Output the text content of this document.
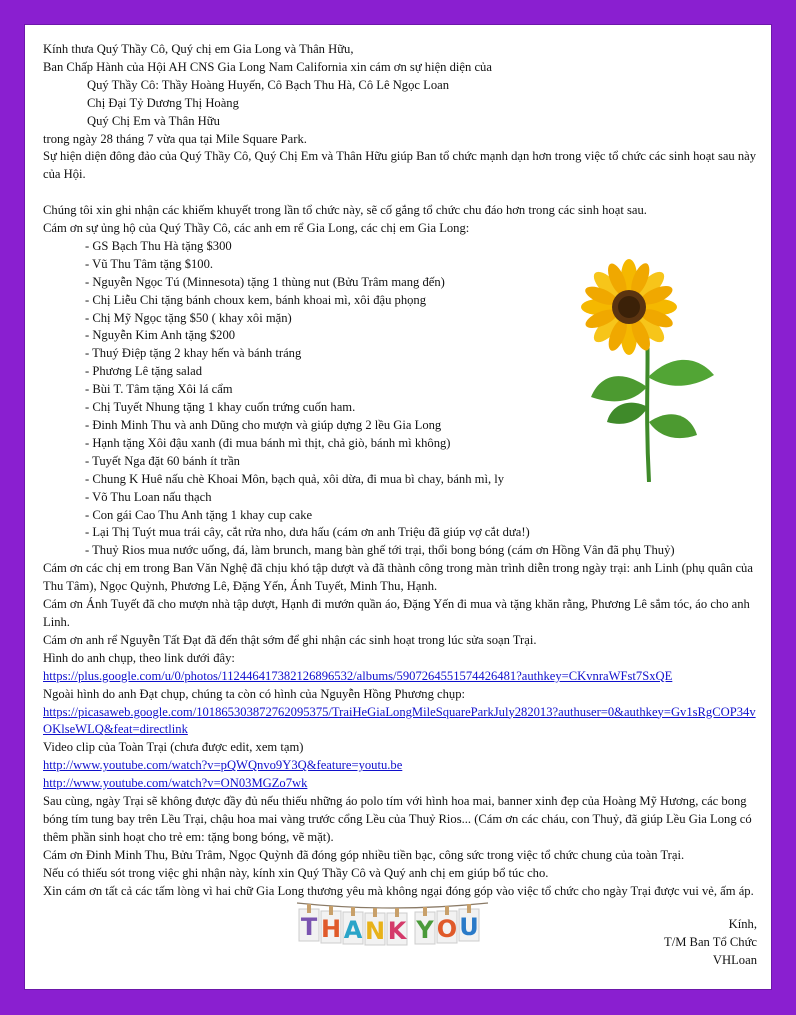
Kính thưa Quý Thầy Cô, Quý chị em Gia Long và Thân Hữu,

Ban Chấp Hành của Hội AH CNS Gia Long Nam California xin cám ơn sự hiện diện của

Quý Thầy Cô: Thầy Hoàng Huyến, Cô Bạch Thu Hà, Cô Lê Ngọc Loan

Chị Đại Tỷ Dương Thị Hoàng

Quý Chị Em và Thân Hữu

trong ngày 28 tháng 7 vừa qua tại Mile Square Park.

Sự hiện diện đông đảo của Quý Thầy Cô, Quý Chị Em và Thân Hữu giúp Ban tổ chức mạnh dạn hơn trong việc tổ chức các sinh hoạt sau này của Hội.

Chúng tôi xin ghi nhận các khiếm khuyết trong lần tổ chức này, sẽ cố gắng tổ chức chu đáo hơn trong các sinh hoạt sau.

Cám ơn sự ủng hộ của Quý Thầy Cô, các anh em rể Gia Long, các chị em Gia Long:

- GS Bạch Thu Hà tặng $300

- Vũ Thu Tâm tặng $100.

- Nguyễn Ngọc Tú (Minnesota) tặng 1 thùng nut (Bửu Trâm mang đến)

- Chị Liễu Chi tặng bánh choux kem, bánh khoai mì, xôi đậu phọng

- Chị Mỹ Ngọc tặng $50 ( khay xôi mặn)

- Nguyễn Kim Anh tặng $200

- Thuý Điệp tặng 2 khay hến và bánh tráng

- Phương Lê tặng salad

- Bùi T. Tâm tặng Xôi lá cẩm

- Chị Tuyết Nhung tặng 1 khay cuốn trứng cuốn ham.

- Đinh Minh Thu và anh Dũng cho mượn và giúp dựng 2 lều Gia Long

- Hạnh tặng Xôi đậu xanh (đi mua bánh mì thịt, chả giò, bánh mì không)

- Tuyết Nga đặt 60 bánh ít trần

- Chung K Huê nấu chè Khoai Môn, bạch quả, xôi dừa, đi mua bì chay, bánh mì, ly

- Võ Thu Loan nấu thạch

- Con gái Cao Thu Anh tặng 1 khay cup cake

- Lại Thị Tuýt mua trái cây, cắt rửa nho, dưa hấu (cám ơn anh Triệu đã giúp vợ cắt dưa!)

- Thuỷ Rios mua nước uống, đá, làm brunch, mang bàn ghế tới trại, thổi bong bóng (cám ơn Hồng Vân đã phụ Thuỷ)

Cám ơn các chị em trong Ban Văn Nghệ đã chịu khó tập dượt và đã thành công trong màn trình diễn trong ngày trại: anh Linh (phụ quân của Thu Tâm), Ngọc Quỳnh, Phương Lê, Đặng Yến, Ánh Tuyết, Minh Thu, Hạnh.

Cám ơn Ánh Tuyết đã cho mượn nhà tập dượt, Hạnh đi mướn quần áo, Đặng Yến đi mua và tặng khăn rằng, Phương Lê sắm tóc, áo cho anh Linh.

Cám ơn anh rể Nguyễn Tất Đạt đã đến thật sớm để ghi nhận các sinh hoạt trong lúc sửa soạn Trại.

Hình do anh chụp, theo link dưới đây:

https://plus.google.com/u/0/photos/112446417382126896532/albums/5907264551574426481?authkey=CKvnraWFst7SxQE

Ngoài hình do anh Đạt chụp, chúng ta còn có hình của Nguyễn Hồng Phương chụp:

https://picasaweb.google.com/101865303872762095375/TraiHeGiaLongMileSquareParkJuly282013?authuser=0&authkey=Gv1sRgCOP34vOKlseWLQ&feat=directlink

Video clip của Toàn Trại (chưa được edit, xem tạm)

http://www.youtube.com/watch?v=pQWQnvo9Y3Q&feature=youtu.be

http://www.youtube.com/watch?v=ON03MGZo7wk

Sau cùng, ngày Trại sẽ không được đầy đủ nếu thiếu những áo polo tím với hình hoa mai, banner xinh đẹp của Hoàng Mỹ Hương, các bong bóng tím tung bay trên Lều Trại, chậu hoa mai vàng trước cổng Lều của Thuỷ Rios... (Cám ơn các cháu, con Thuỷ, đã giúp Lều Gia Long có thêm phần sinh hoạt cho trẻ em: tặng bong bóng, vẽ mặt).

Cám ơn Đinh Minh Thu, Bửu Trâm, Ngọc Quỳnh đã đóng góp nhiều tiền bạc, công sức trong việc tổ chức chung của toàn Trại.

Nếu có thiếu sót trong việc ghi nhận này, kính xin Quý Thầy Cô và Quý anh chị em giúp bổ túc cho.

Xin cám ơn tất cả các tấm lòng vì hai chữ Gia Long thương yêu mà không ngại đóng góp vào việc tổ chức cho ngày Trại được vui vẻ, ấm áp.

T H A N K Y O U	Kính,
T/M Ban Tổ Chức
VHLoan
